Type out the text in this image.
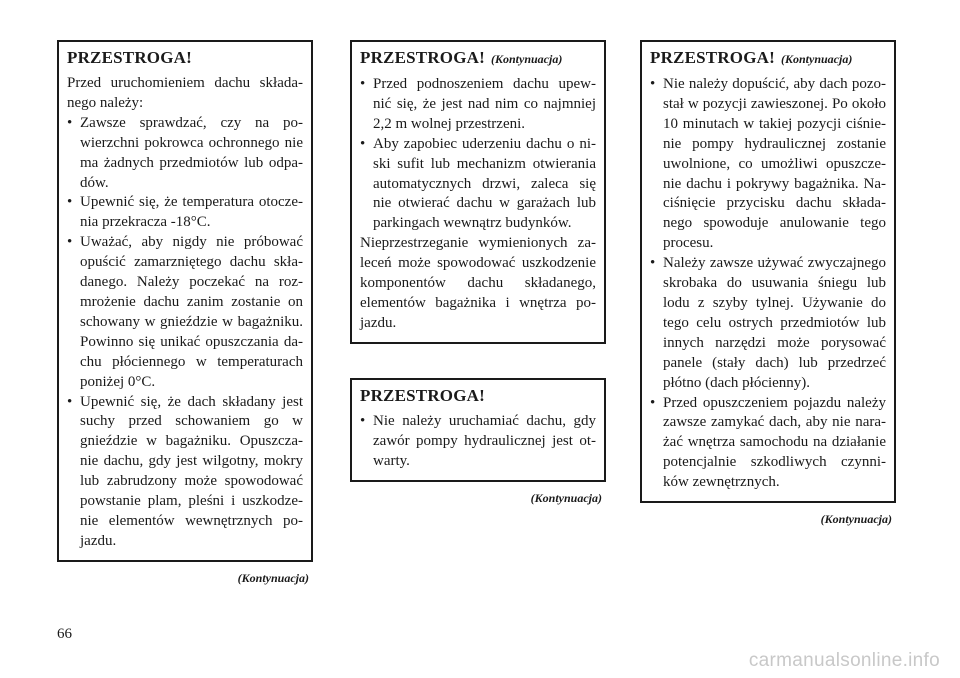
PRZESTROGA!

Przed uruchomieniem dachu składa- nego należy:

• Zawsze sprawdzać, czy na po- wierzchni pokrowca ochronnego nie ma żadnych przedmiotów lub odpa- dów.
• Upewnić się, że temperatura otocze- nia przekracza -18°C.
• Uważać, aby nigdy nie próbować opuścić zamarzniętego dachu skła- danego. Należy poczekać na roz- mrożenie dachu zanim zostanie on schowany w gnieździe w bagażniku. Powinno się unikać opuszczania da- chu płóciennego w temperaturach poniżej 0°C.
• Upewnić się, że dach składany jest suchy przed schowaniem go w gnieździe w bagażniku. Opuszcza- nie dachu, gdy jest wilgotny, mokry lub zabrudzony może spowodować powstanie plam, pleśni i uszkodze- nie elementów wewnętrznych po- jazdu.
(Kontynuacja)
PRZESTROGA! (Kontynuacja)
• Przed podnoszeniem dachu upew- nić się, że jest nad nim co najmniej 2,2 m wolnej przestrzeni.
• Aby zapobiec uderzeniu dachu o ni- ski sufit lub mechanizm otwierania automatycznych drzwi, zaleca się nie otwierać dachu w garażach lub parkingach wewnątrz budynków.

Nieprzestrzeganie wymienionych za- leceń może spowodować uszkodzenie komponentów dachu składanego, elementów bagażnika i wnętrza po- jazdu.

PRZESTROGA!
• Nie należy uruchamiać dachu, gdy zawór pompy hydraulicznej jest ot- warty.
(Kontynuacja)
PRZESTROGA! (Kontynuacja)
• Nie należy dopuścić, aby dach pozo- stał w pozycji zawieszonej. Po około 10 minutach w takiej pozycji ciśnie- nie pompy hydraulicznej zostanie uwolnione, co umożliwi opuszcze- nie dachu i pokrywy bagażnika. Na- ciśnięcie przycisku dachu składa- nego spowoduje anulowanie tego procesu.
• Należy zawsze używać zwyczajnego skrobaka do usuwania śniegu lub lodu z szyby tylnej. Używanie do tego celu ostrych przedmiotów lub innych narzędzi może porysować panele (stały dach) lub przedrzeć płótno (dach płócienny).
• Przed opuszczeniem pojazdu należy zawsze zamykać dach, aby nie nara- żać wnętrza samochodu na działanie potencjalnie szkodliwych czynni- ków zewnętrznych.
(Kontynuacja)
66
carmanualsonline.info
